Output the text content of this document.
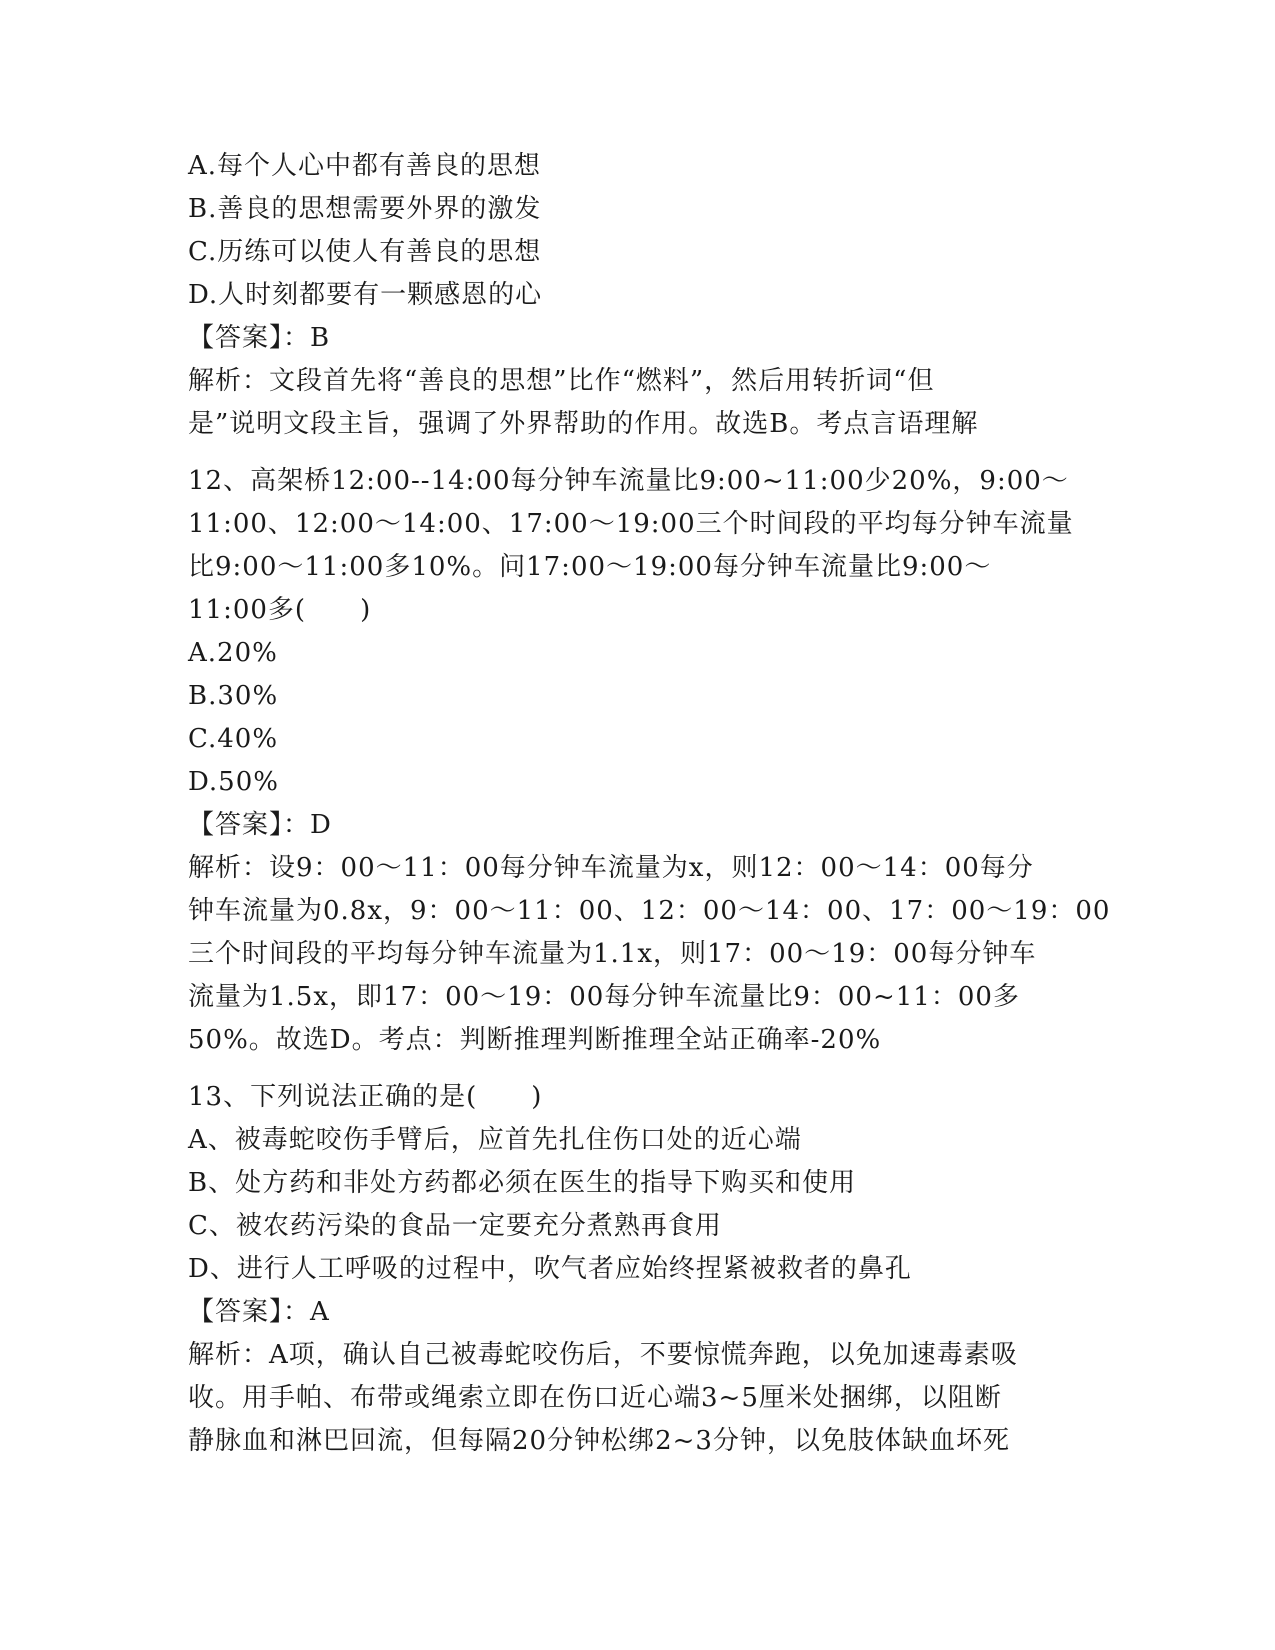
A.每个人心中都有善良的思想
B.善良的思想需要外界的激发
C.历练可以使人有善良的思想
D.人时刻都要有一颗感恩的心
【答案】：B
解析：文段首先将“善良的思想”比作“燃料”，然后用转折词“但
是”说明文段主旨，强调了外界帮助的作用。故选B。考点言语理解
12、高架桥12:00--14:00每分钟车流量比9:00~11:00少20%，9:00～
11:00、12:00～14:00、17:00～19:00三个时间段的平均每分钟车流量
比9:00～11:00多10%。问17:00～19:00每分钟车流量比9:00～
11:00多(　　)
A.20%
B.30%
C.40%
D.50%
【答案】：D
解析：设9：00～11：00每分钟车流量为x，则12：00～14：00每分
钟车流量为0.8x，9：00～11：00、12：00～14：00、17：00～19：00
三个时间段的平均每分钟车流量为1.1x，则17：00～19：00每分钟车
流量为1.5x，即17：00～19：00每分钟车流量比9：00~11：00多
50%。故选D。考点：判断推理判断推理全站正确率-20%
13、下列说法正确的是(　　)
A、被毒蛇咬伤手臂后，应首先扎住伤口处的近心端
B、处方药和非处方药都必须在医生的指导下购买和使用
C、被农药污染的食品一定要充分煮熟再食用
D、进行人工呼吸的过程中，吹气者应始终捏紧被救者的鼻孔
【答案】：A
解析：A项，确认自己被毒蛇咬伤后，不要惊慌奔跑，以免加速毒素吸
收。用手帕、布带或绳索立即在伤口近心端3~5厘米处捆绑，以阻断
静脉血和淋巴回流，但每隔20分钟松绑2~3分钟，以免肢体缺血坏死
